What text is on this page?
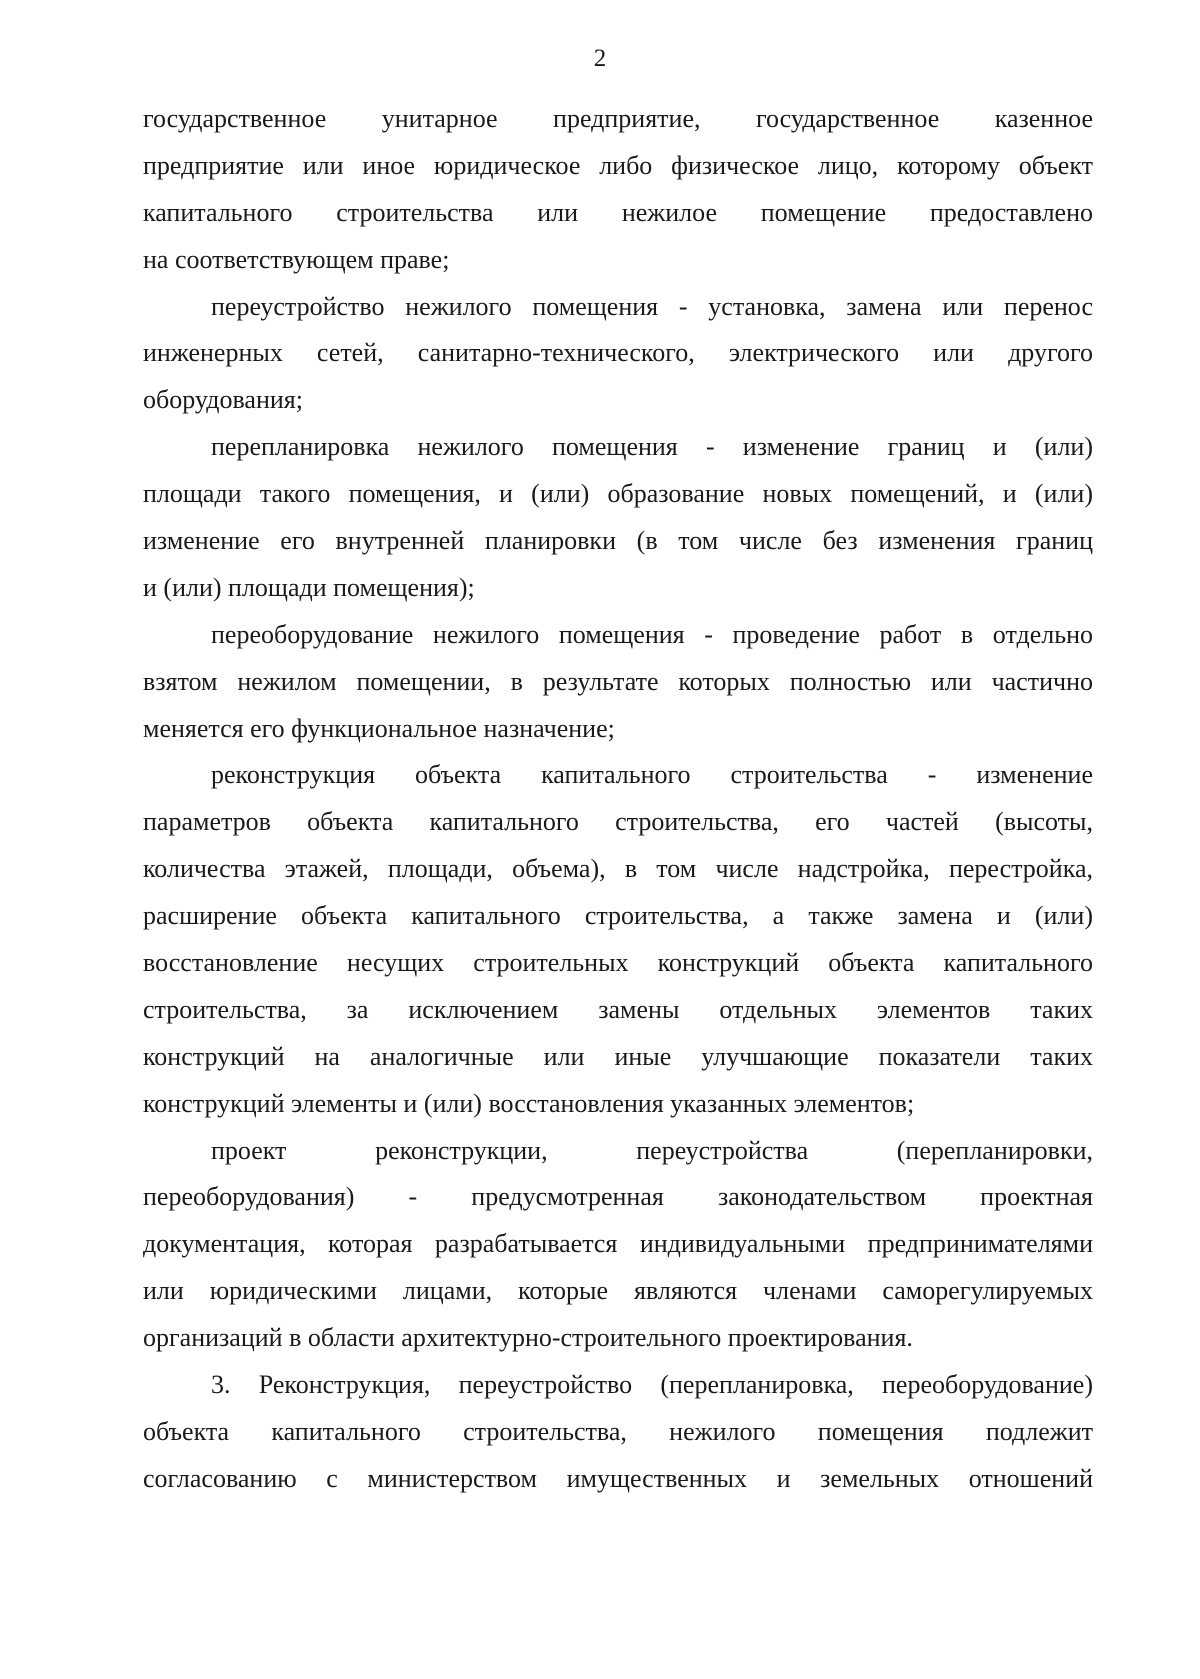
2
государственное унитарное предприятие, государственное казенное
предприятие или иное юридическое либо физическое лицо, которому объект
капитального строительства или нежилое помещение предоставлено
на соответствующем праве;
переустройство нежилого помещения - установка, замена или перенос
инженерных сетей, санитарно-технического, электрического или другого
оборудования;
перепланировка нежилого помещения - изменение границ и (или)
площади такого помещения, и (или) образование новых помещений, и (или)
изменение его внутренней планировки (в том числе без изменения границ
и (или) площади помещения);
переоборудование нежилого помещения - проведение работ в отдельно
взятом нежилом помещении, в результате которых полностью или частично
меняется его функциональное назначение;
реконструкция объекта капитального строительства - изменение
параметров объекта капитального строительства, его частей (высоты,
количества этажей, площади, объема), в том числе надстройка, перестройка,
расширение объекта капитального строительства, а также замена и (или)
восстановление несущих строительных конструкций объекта капитального
строительства, за исключением замены отдельных элементов таких
конструкций на аналогичные или иные улучшающие показатели таких
конструкций элементы и (или) восстановления указанных элементов;
проект реконструкции, переустройства (перепланировки,
переоборудования) - предусмотренная законодательством проектная
документация, которая разрабатывается индивидуальными предпринимателями
или юридическими лицами, которые являются членами саморегулируемых
организаций в области архитектурно-строительного проектирования.
3. Реконструкция, переустройство (перепланировка, переоборудование)
объекта капитального строительства, нежилого помещения подлежит
согласованию с министерством имущественных и земельных отношений
